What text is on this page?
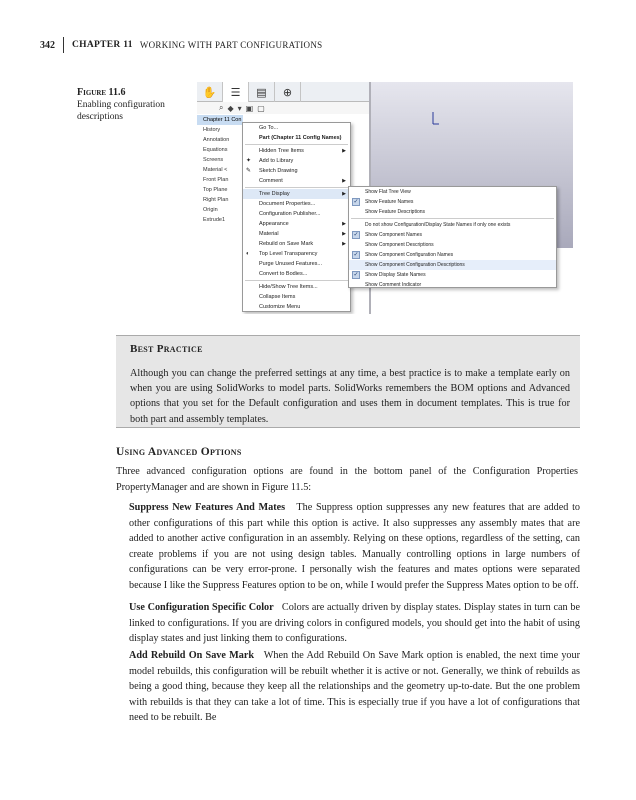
342 CHAPTER 11 WORKING WITH PART CONFIGURATIONS
Figure 11.6
Enabling configuration
descriptions
✋	☰	▤	⊕
⌕ ◆ ▾ ▣ ▢
Chapter 11 Con
History
Annotation
Equations
Screens
Material <
Front Plan
Top Plane
Right Plan
Origin
Extrude1
Go To...
Part (Chapter 11 Config Names)
Hidden Tree Items	▶
✦ Add to Library
✎ Sketch Drawing
Comment	▶
Tree Display	▶
Document Properties...
Configuration Publisher...
Appearance	▶
Material	▶
Rebuild on Save Mark	▶
◐ Top Level Transparency
Purge Unused Features...
Convert to Bodies...
Hide/Show Tree Items...
Collapse Items
Customize Menu
Show Flat Tree View
✓ Show Feature Names
Show Feature Descriptions
Do not show Configuration/Display State Names if only one exists
✓ Show Component Names
Show Component Descriptions
✓ Show Component Configuration Names
Show Component Configuration Descriptions
✓ Show Display State Names
Show Comment Indicator
Best Practice
Although you can change the preferred settings at any time, a best practice is to make a template early on when you are using SolidWorks to model parts. SolidWorks remembers the BOM options and Advanced options that you set for the Default configuration and uses them in document templates. This is true for both part and assembly templates.
Using Advanced Options
Three advanced configuration options are found in the bottom panel of the Configuration Properties PropertyManager and are shown in Figure 11.5:
Suppress New Features And Mates The Suppress option suppresses any new features that are added to other configurations of this part while this option is active. It also suppresses any assembly mates that are added to another active configuration in an assembly. Relying on these options, regardless of the setting, can create problems if you are not using design tables. Manually controlling options in large numbers of configurations can be very error-prone. I personally wish the features and mates options were separated because I like the Suppress Features option to be on, while I would prefer the Suppress Mates option to be off.
Use Configuration Specific Color Colors are actually driven by display states. Display states in turn can be linked to configurations. If you are driving colors in configured models, you should get into the habit of using display states and just linking them to configurations.
Add Rebuild On Save Mark When the Add Rebuild On Save Mark option is enabled, the next time your model rebuilds, this configuration will be rebuilt whether it is active or not. Generally, we think of rebuilds as being a good thing, because they keep all the relationships and the geometry up-to-date. But the one problem with rebuilds is that they can take a lot of time. This is especially true if you have a lot of configurations that need to be rebuilt. Be
